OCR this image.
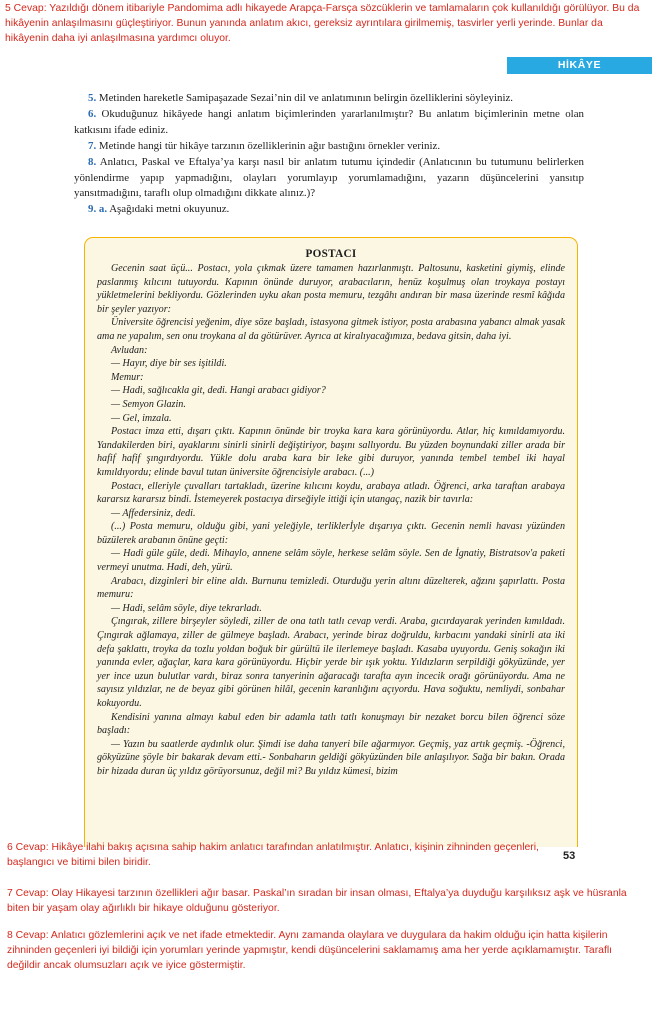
5 Cevap: Yazıldığı dönem itibariyle Pandomima adlı hikayede Arapça-Farsça sözcüklerin ve tamlamaların çok kullanıldığı görülüyor. Bu da hikâyenin anlaşılmasını güçleştiriyor. Bunun yanında anlatım akıcı, gereksiz ayrıntılara girilmemiş, tasvirler yerli yerinde. Bunlar da hikâyenin daha iyi anlaşılmasına yardımcı oluyor.
HİKÂYE

5. Metinden hareketle Samipaşazade Sezai’nin dil ve anlatımının belirgin özelliklerini söyleyiniz.

6. Okuduğunuz hikâyede hangi anlatım biçimlerinden yararlanılmıştır? Bu anlatım biçimlerinin metne olan katkısını ifade ediniz.

7. Metinde hangi tür hikâye tarzının özelliklerinin ağır bastığını örnekler veriniz.

8. Anlatıcı, Paskal ve Eftalya’ya karşı nasıl bir anlatım tutumu içindedir (Anlatıcının bu tutumunu belirlerken yönlendirme yapıp yapmadığını, olayları yorumlayıp yorumlamadığını, yazarın düşüncelerini yansıtıp yansıtmadığını, taraflı olup olmadığını dikkate alınız.)?

9. a. Aşağıdaki metni okuyunuz.

POSTACI

Gecenin saat üçü... Postacı, yola çıkmak üzere tamamen hazırlanmıştı. Paltosunu, kasketini giymiş, elinde paslanmış kılıcını tutuyordu. Kapının önünde duruyor, arabacıların, henüz koşulmuş olan troykaya postayı yükletmelerini bekliyordu. Gözlerinden uyku akan posta memuru, tezgâhı andıran bir masa üzerinde resmî kâğıda bir şeyler yazıyor:

Üniversite öğrencisi yeğenim, diye söze başladı, istasyona gitmek istiyor, posta arabasına yabancı almak yasak ama ne yapalım, sen onu troykana al da götürüver. Ayrıca at kiralıyacağımıza, bedava gitsin, daha iyi.

Avludan:

— Hayır, diye bir ses işitildi.

Memur:

— Hadi, sağlıcakla git, dedi. Hangi arabacı gidiyor?

— Semyon Glazin.

— Gel, imzala.

Postacı imza etti, dışarı çıktı. Kapının önünde bir troyka kara kara görünüyordu. Atlar, hiç kımıldamıyordu. Yandakilerden biri, ayaklarını sinirli sinirli değiştiriyor, başını sallıyordu. Bu yüzden boynundaki ziller arada bir hafif hafif şıngırdıyordu. Yükle dolu araba kara bir leke gibi duruyor, yanında tembel tembel iki hayal kımıldıyordu; elinde bavul tutan üniversite öğrencisiyle arabacı. (...)

Postacı, elleriyle çuvalları tartakladı, üzerine kılıcını koydu, arabaya atladı. Öğrenci, arka taraftan arabaya kararsız kararsız bindi. İstemeyerek postacıya dirseğiyle ittiği için utangaç, nazik bir tavırla:

— Affedersiniz, dedi.

(...) Posta memuru, olduğu gibi, yani yeleğiyle, terliklerİyle dışarıya çıktı. Gecenin nemli havası yüzünden büzülerek arabanın önüne geçti:

— Hadi güle güle, dedi. Mihaylo, annene selâm söyle, herkese selâm söyle. Sen de İgnatiy, Bistratsov'a paketi vermeyi unutma. Hadi, deh, yürü.

Arabacı, dizginleri bir eline aldı. Burnunu temizledi. Oturduğu yerin altını düzelterek, ağzını şapırlattı. Posta memuru:

— Hadi, selâm söyle, diye tekrarladı.

Çıngırak, zillere birşeyler söyledi, ziller de ona tatlı tatlı cevap verdi. Araba, gıcırdayarak yerinden kımıldadı. Çıngırak ağlamaya, ziller de gülmeye başladı. Arabacı, yerinde biraz doğruldu, kırbacını yandaki sinirli ata iki defa şaklattı, troyka da tozlu yoldan boğuk bir gürültü ile ilerlemeye başladı. Kasaba uyuyordu. Geniş sokağın iki yanında evler, ağaçlar, kara kara görünüyordu. Hiçbir yerde bir ışık yoktu. Yıldızların serpildiği gökyüzünde, yer yer ince uzun bulutlar vardı, biraz sonra tanyerinin ağaracağı tarafta ayın incecik orağı görünüyordu. Ama ne sayısız yıldızlar, ne de beyaz gibi görünen hilâl, gecenin karanlığını açıyordu. Hava soğuktu, nemliydi, sonbahar kokuyordu.

Kendisini yanına almayı kabul eden bir adamla tatlı tatlı konuşmayı bir nezaket borcu bilen öğrenci söze başladı:

— Yazın bu saatlerde aydınlık olur. Şimdi ise daha tanyeri bile ağarmıyor. Geçmiş, yaz artık geçmiş. -Öğrenci, gökyüzüne şöyle bir bakarak devam etti.- Sonbaharın geldiği gökyüzünden bile anlaşılıyor. Sağa bir bakın. Orada bir hizada duran üç yıldız görüyorsunuz, değil mi? Bu yıldız kümesi, bizim

6 Cevap: Hikâye ilahi bakış açısına sahip hakim anlatıcı tarafından anlatılmıştır. Anlatıcı, kişinin zihninden geçenleri, başlangıcı ve bitimi bilen biridir.
53
7 Cevap: Olay Hikayesi tarzının özellikleri ağır basar. Paskal’ın sıradan bir insan olması, Eftalya’ya duyduğu karşılıksız aşk ve hüsranla biten bir yaşam olay ağırlıklı bir hikaye olduğunu gösteriyor.
8 Cevap: Anlatıcı gözlemlerini açık ve net ifade etmektedir. Aynı zamanda olaylara ve duygulara da hakim olduğu için hatta kişilerin zihninden geçenleri iyi bildiği için yorumları yerinde yapmıştır, kendi düşüncelerini saklamamış ama her yerde açıklamamıştır. Taraflı değildir ancak olumsuzları açık ve iyice göstermiştir.
